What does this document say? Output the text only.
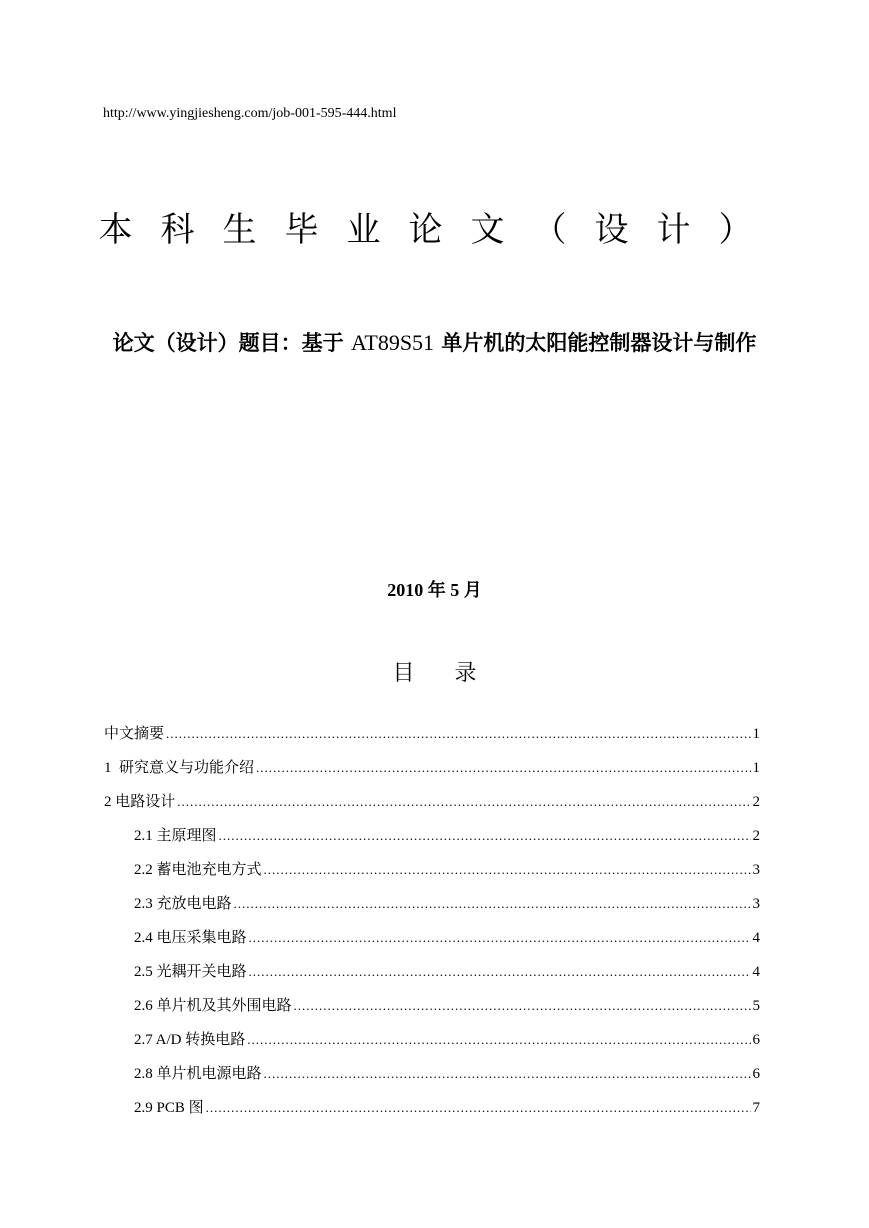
http://www.yingjiesheng.com/job-001-595-444.html
本科生毕业论文（设计）
论文（设计）题目：基于 AT89S51 单片机的太阳能控制器设计与制作
2010 年 5 月
目录
中文摘要 .....	1
1  研究意义与功能介绍 .....	1
2 电路设计 .....	2
2.1 主原理图 .....	2
2.2 蓄电池充电方式 .....	3
2.3 充放电电路 .....	3
2.4 电压采集电路 .....	4
2.5 光耦开关电路 .....	4
2.6 单片机及其外围电路 .....	5
2.7 A/D 转换电路 .....	6
2.8 单片机电源电路 .....	6
2.9 PCB 图 .....	7
